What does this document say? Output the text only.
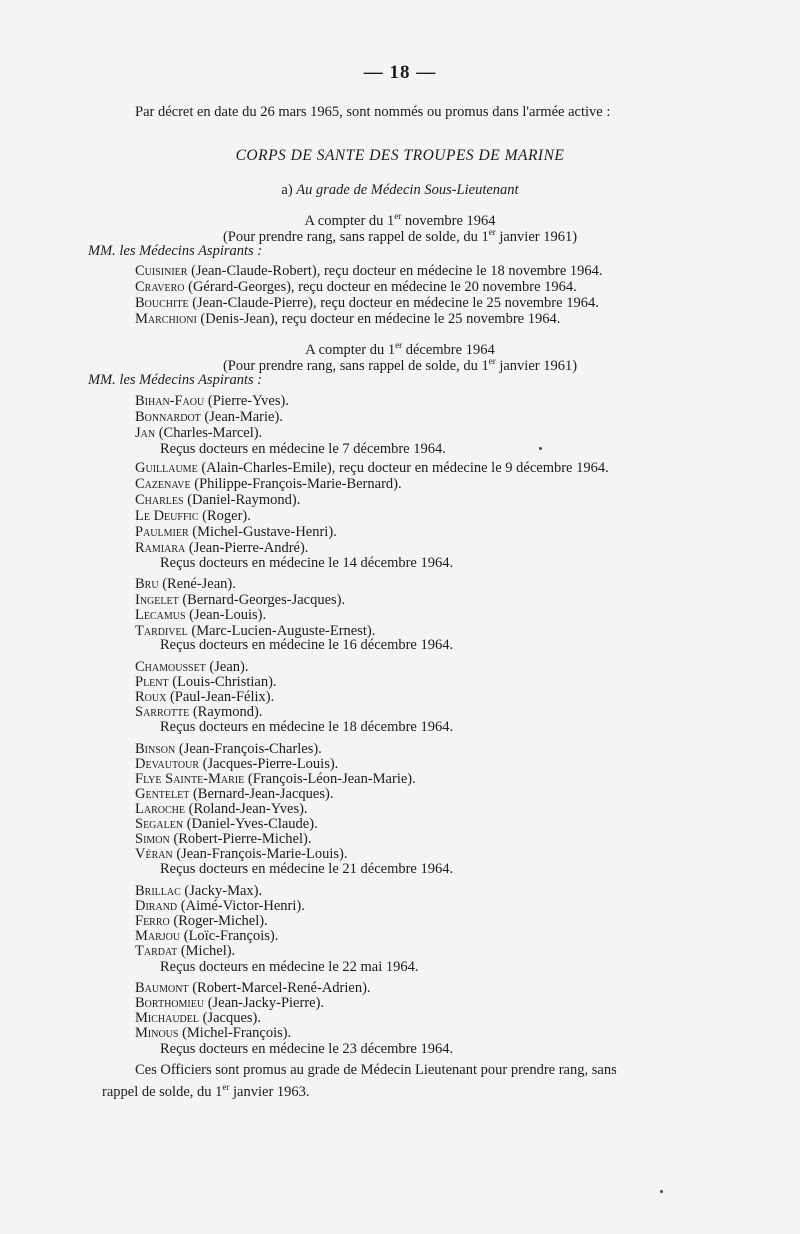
— 18 —
Par décret en date du 26 mars 1965, sont nommés ou promus dans l'armée active :
CORPS DE SANTE DES TROUPES DE MARINE
a) Au grade de Médecin Sous-Lieutenant
A compter du 1er novembre 1964
(Pour prendre rang, sans rappel de solde, du 1er janvier 1961)
MM. les Médecins Aspirants :
Cuisinier (Jean-Claude-Robert), reçu docteur en médecine le 18 novembre 1964.
Cravero (Gérard-Georges), reçu docteur en médecine le 20 novembre 1964.
Bouchite (Jean-Claude-Pierre), reçu docteur en médecine le 25 novembre 1964.
Marchioni (Denis-Jean), reçu docteur en médecine le 25 novembre 1964.
A compter du 1er décembre 1964
(Pour prendre rang, sans rappel de solde, du 1er janvier 1961)
MM. les Médecins Aspirants :
Bihan-Faou (Pierre-Yves).
Bonnardot (Jean-Marie).
Jan (Charles-Marcel).
Reçus docteurs en médecine le 7 décembre 1964.
Guillaume (Alain-Charles-Emile), reçu docteur en médecine le 9 décembre 1964.
Cazenave (Philippe-François-Marie-Bernard).
Charles (Daniel-Raymond).
Le Deuffic (Roger).
Paulmier (Michel-Gustave-Henri).
Ramiara (Jean-Pierre-André).
Reçus docteurs en médecine le 14 décembre 1964.
Bru (René-Jean).
Ingelet (Bernard-Georges-Jacques).
Lecamus (Jean-Louis).
Tardivel (Marc-Lucien-Auguste-Ernest).
Reçus docteurs en médecine le 16 décembre 1964.
Chamousset (Jean).
Plent (Louis-Christian).
Roux (Paul-Jean-Félix).
Sarrotte (Raymond).
Reçus docteurs en médecine le 18 décembre 1964.
Binson (Jean-François-Charles).
Devautour (Jacques-Pierre-Louis).
Flye Sainte-Marie (François-Léon-Jean-Marie).
Gentelet (Bernard-Jean-Jacques).
Laroche (Roland-Jean-Yves).
Segalen (Daniel-Yves-Claude).
Simon (Robert-Pierre-Michel).
Véran (Jean-François-Marie-Louis).
Reçus docteurs en médecine le 21 décembre 1964.
Brillac (Jacky-Max).
Dirand (Aimé-Victor-Henri).
Ferro (Roger-Michel).
Marjou (Loïc-François).
Tardat (Michel).
Reçus docteurs en médecine le 22 mai 1964.
Baumont (Robert-Marcel-René-Adrien).
Borthomieu (Jean-Jacky-Pierre).
Michaudel (Jacques).
Minous (Michel-François).
Reçus docteurs en médecine le 23 décembre 1964.
Ces Officiers sont promus au grade de Médecin Lieutenant pour prendre rang, sans
rappel de solde, du 1er janvier 1963.
